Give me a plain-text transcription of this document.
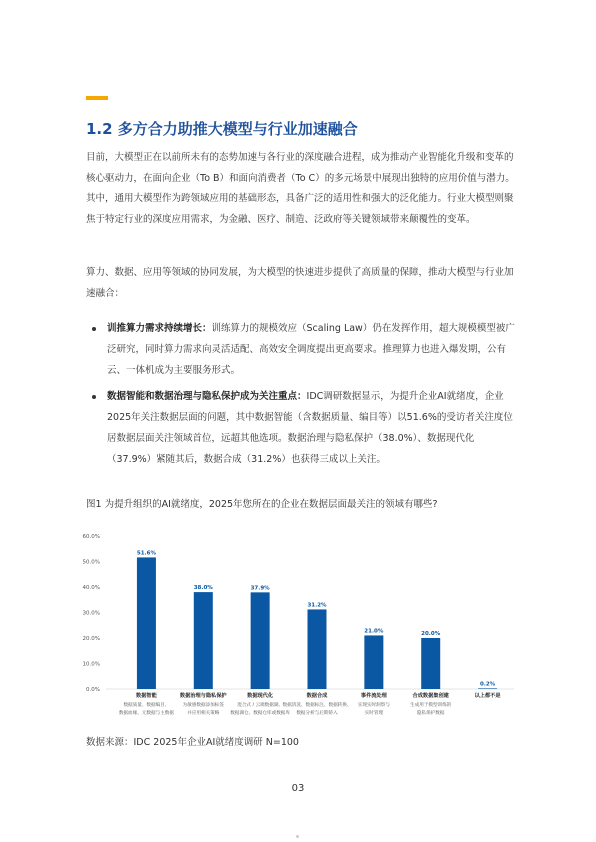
1.2 多方合力助推大模型与行业加速融合

目前，大模型正在以前所未有的态势加速与各行业的深度融合进程，成为推动产业智能化升级和变革的核心驱动力，在面向企业（To B）和面向消费者（To C）的多元场景中展现出独特的应用价值与潜力。其中，通用大模型作为跨领域应用的基础形态，具备广泛的适用性和强大的泛化能力。行业大模型则聚焦于特定行业的深度应用需求，为金融、医疗、制造、泛政府等关键领域带来颠覆性的变革。

算力、数据、应用等领域的协同发展，为大模型的快速进步提供了高质量的保障，推动大模型与行业加速融合：

训推算力需求持续增长：训练算力的规模效应（Scaling Law）仍在发挥作用，超大规模模型被广泛研究，同时算力需求向灵活适配、高效安全调度提出更高要求。推理算力也进入爆发期，公有云、一体机成为主要服务形式。
数据智能和数据治理与隐私保护成为关注重点：IDC调研数据显示，为提升企业AI就绪度，企业2025年关注数据层面的问题，其中数据智能（含数据质量、编目等）以51.6%的受访者关注度位居数据层面关注领域首位，远超其他选项。数据治理与隐私保护（38.0%）、数据现代化（37.9%）紧随其后，数据合成（31.2%）也获得三成以上关注。
图1 为提升组织的AI就绪度，2025年您所在的企业在数据层面最关注的领域有哪些?
0.0%
10.0%
20.0%
30.0%
40.0%
50.0%
60.0%
51.6%
数据智能
数据质量、数据编目、
数据血缘、元数据与主数据
38.0%
数据治理与隐私保护
为敏感数据添加标签
并应用相关策略
37.9%
数据现代化
混合式 / 云端数据湖、
数据湖仓、数据仓库或数据库
31.2%
数据合成
数据清洗、数据标注、数据转换、
数据分析与后期矫入
21.0%
事件流处理
实现实时洞察与
实时管理
20.0%
合成数据集创建
生成用于模型训练的
隐私保护数据
0.2%
以上都不是
数据来源：IDC 2025年企业AI就绪度调研 N=100
03
